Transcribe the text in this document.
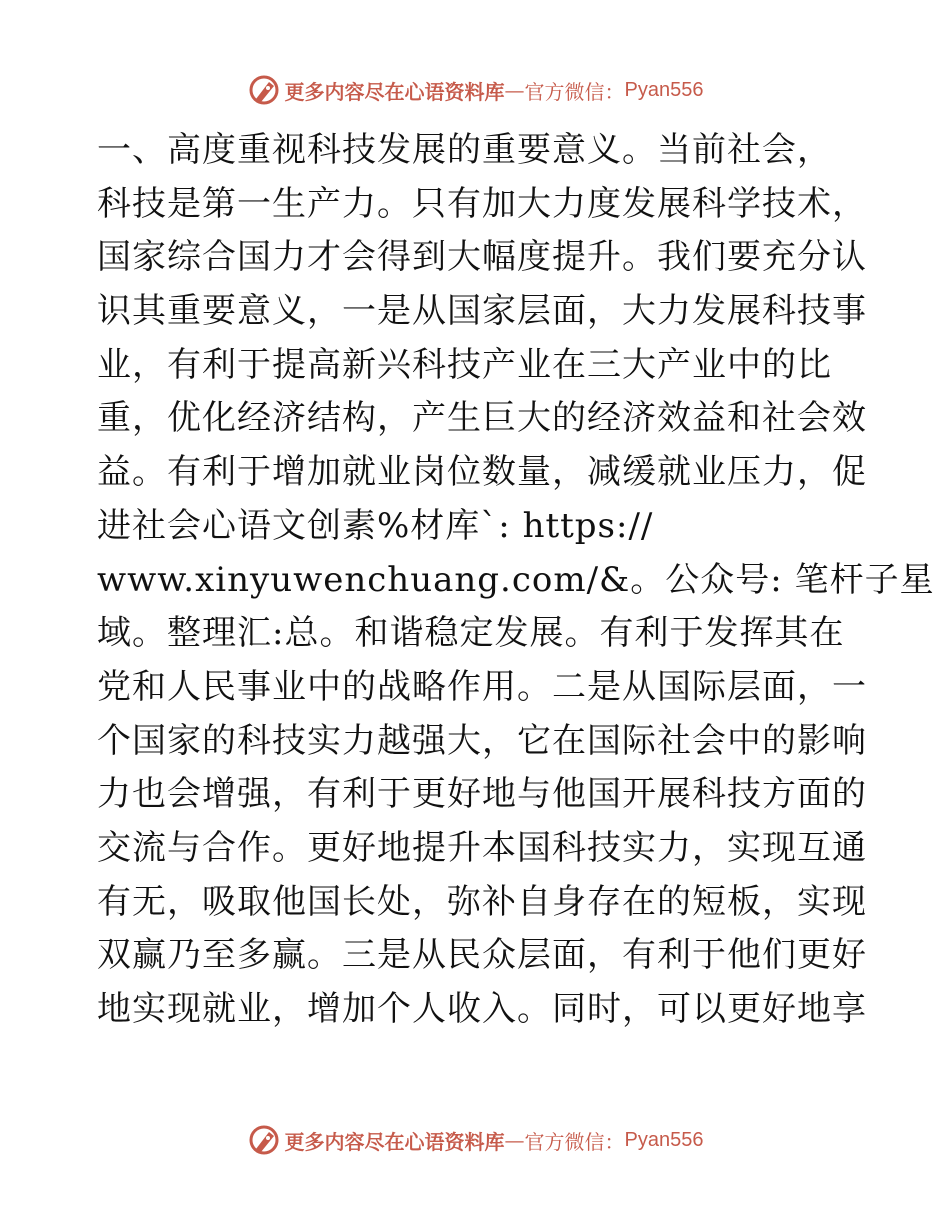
更多内容尽在心语资料库 — 官方微信： Pyan556
一、高度重视科技发展的重要意义。当前社会，
科技是第一生产力。只有加大力度发展科学技术，
国家综合国力才会得到大幅度提升。我们要充分认
识其重要意义，一是从国家层面，大力发展科技事
业，有利于提高新兴科技产业在三大产业中的比
重，优化经济结构，产生巨大的经济效益和社会效
益。有利于增加就业岗位数量，减缓就业压力，促
进社会心语文创素%材库`: https://
www.xinyuwenchuang.com/&。公众号: 笔杆子星
域。整理汇:总。和谐稳定发展。有利于发挥其在
党和人民事业中的战略作用。二是从国际层面，一
个国家的科技实力越强大，它在国际社会中的影响
力也会增强，有利于更好地与他国开展科技方面的
交流与合作。更好地提升本国科技实力，实现互通
有无，吸取他国长处，弥补自身存在的短板，实现
双赢乃至多赢。三是从民众层面，有利于他们更好
地实现就业，增加个人收入。同时，可以更好地享
更多内容尽在心语资料库 — 官方微信： Pyan556
